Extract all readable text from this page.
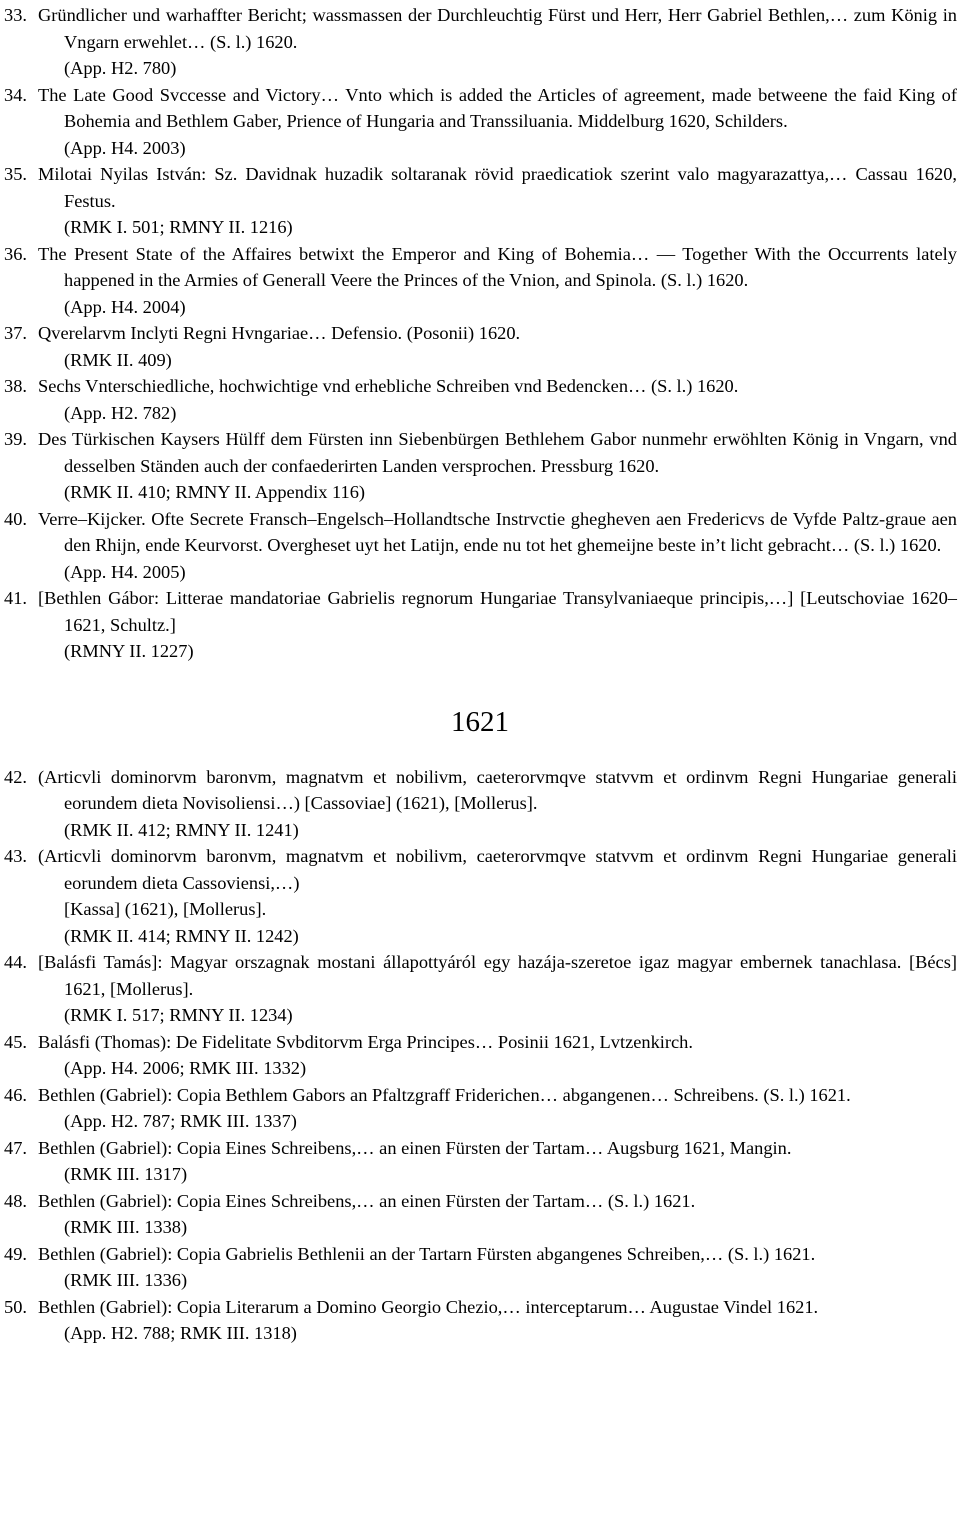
33. Gründlicher und warhaffter Bericht; wassmassen der Durchleuchtig Fürst und Herr, Herr Gabriel Bethlen,… zum König in Vngarn erwehlet… (S. l.) 1620.
(App. H2. 780)
34. The Late Good Svccesse and Victory… Vnto which is added the Articles of agreement, made betweene the faid King of Bohemia and Bethlem Gaber, Prience of Hungaria and Transsiluania. Middelburg 1620, Schilders.
(App. H4. 2003)
35. Milotai Nyilas István: Sz. Davidnak huzadik soltaranak rövid praedicatiok szerint valo magyarazattya,… Cassau 1620, Festus.
(RMK I. 501; RMNY II. 1216)
36. The Present State of the Affaires betwixt the Emperor and King of Bohemia… — Together With the Occurrents lately happened in the Armies of Generall Veere the Princes of the Vnion, and Spinola. (S. l.) 1620.
(App. H4. 2004)
37. Qverelarvm Inclyti Regni Hvngariae… Defensio. (Posonii) 1620.
(RMK II. 409)
38. Sechs Vnterschiedliche, hochwichtige vnd erhebliche Schreiben vnd Bedencken… (S. l.) 1620.
(App. H2. 782)
39. Des Türkischen Kaysers Hülff dem Fürsten inn Siebenbürgen Bethlehem Gabor nunmehr erwöhlten König in Vngarn, vnd desselben Ständen auch der confaederirten Landen versprochen. Pressburg 1620.
(RMK II. 410; RMNY II. Appendix 116)
40. Verre–Kijcker. Ofte Secrete Fransch–Engelsch–Hollandtsche Instrvctie ghegheven aen Fredericvs de Vyfde Paltz-graue aen den Rhijn, ende Keurvorst. Overgheset uyt het Latijn, ende nu tot het ghemeijne beste in’t licht gebracht… (S. l.) 1620.
(App. H4. 2005)
41. [Bethlen Gábor: Litterae mandatoriae Gabrielis regnorum Hungariae Transylvaniaeque principis,…] [Leutschoviae 1620–1621, Schultz.]
(RMNY II. 1227)
1621
42. (Articvli dominorvm baronvm, magnatvm et nobilivm, caeterorvmqve statvvm et ordinvm Regni Hungariae generali eorundem dieta Novisoliensi…) [Cassoviae] (1621), [Mollerus].
(RMK II. 412; RMNY II. 1241)
43. (Articvli dominorvm baronvm, magnatvm et nobilivm, caeterorvmqve statvvm et ordinvm Regni Hungariae generali eorundem dieta Cassoviensi,…)
[Kassa] (1621), [Mollerus].
(RMK II. 414; RMNY II. 1242)
44. [Balásfi Tamás]: Magyar orszagnak mostani állapottyáról egy hazája-szeretoe igaz magyar embernek tanachlasa. [Bécs] 1621, [Mollerus].
(RMK I. 517; RMNY II. 1234)
45. Balásfi (Thomas): De Fidelitate Svbditorvm Erga Principes… Posinii 1621, Lvtzenkirch.
(App. H4. 2006; RMK III. 1332)
46. Bethlen (Gabriel): Copia Bethlem Gabors an Pfaltzgraff Friderichen… abgangenen… Schreibens. (S. l.) 1621.
(App. H2. 787; RMK III. 1337)
47. Bethlen (Gabriel): Copia Eines Schreibens,… an einen Fürsten der Tartam… Augsburg 1621, Mangin.
(RMK III. 1317)
48. Bethlen (Gabriel): Copia Eines Schreibens,… an einen Fürsten der Tartam… (S. l.) 1621.
(RMK III. 1338)
49. Bethlen (Gabriel): Copia Gabrielis Bethlenii an der Tartarn Fürsten abgangenes Schreiben,… (S. l.) 1621.
(RMK III. 1336)
50. Bethlen (Gabriel): Copia Literarum a Domino Georgio Chezio,… interceptarum… Augustae Vindel 1621.
(App. H2. 788; RMK III. 1318)
